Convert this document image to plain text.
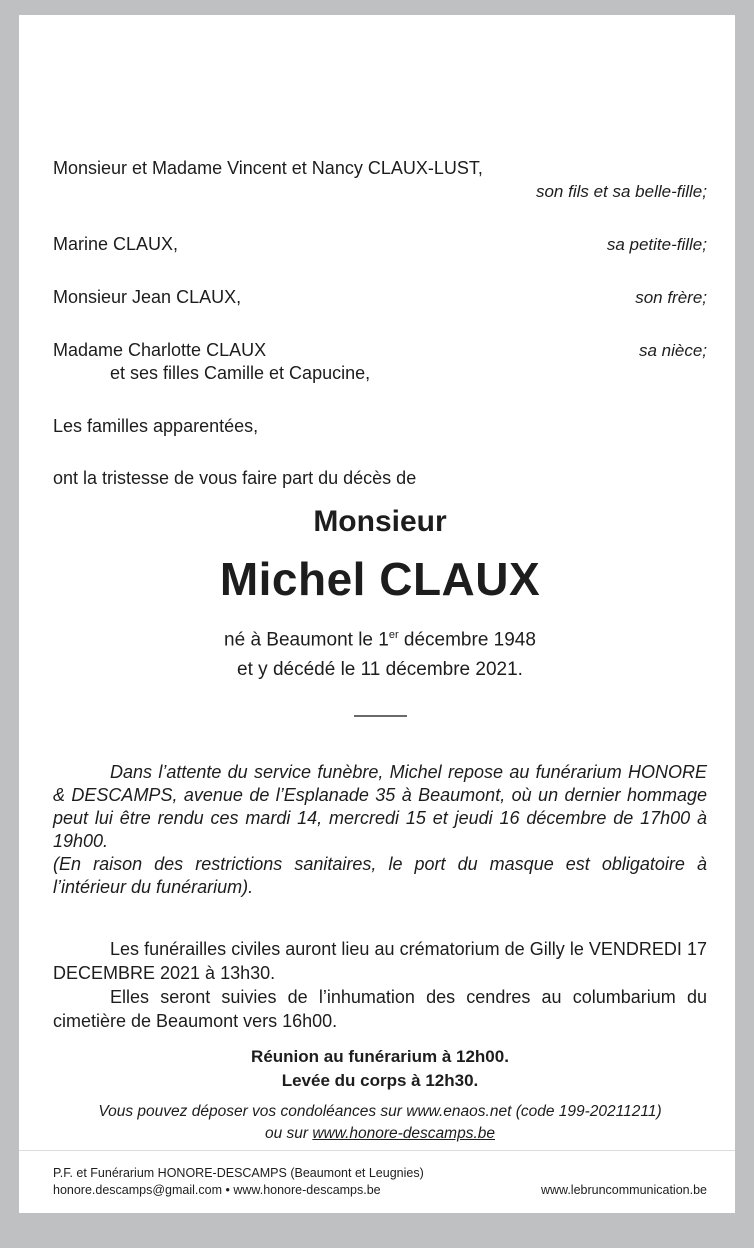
Monsieur et Madame Vincent et Nancy CLAUX-LUST,
son fils et sa belle-fille;
Marine CLAUX,	sa petite-fille;
Monsieur Jean CLAUX,	son frère;
Madame Charlotte CLAUX	sa nièce;
et ses filles Camille et Capucine,

Les familles apparentées,

ont la tristesse de vous faire part du décès de

Monsieur
Michel CLAUX

né à Beaumont le 1er décembre 1948

et y décédé le 11 décembre 2021.

Dans l’attente du service funèbre, Michel repose au funérarium HONORE & DESCAMPS, avenue de l’Esplanade 35 à Beaumont, où un dernier hommage peut lui être rendu ces mardi 14, mercredi 15 et jeudi 16 décembre de 17h00 à 19h00.

(En raison des restrictions sanitaires, le port du masque est obligatoire à l’intérieur du funérarium).

Les funérailles civiles auront lieu au crématorium de Gilly le VENDREDI 17 DECEMBRE 2021 à 13h30.

Elles seront suivies de l’inhumation des cendres au columbarium du cimetière de Beaumont vers 16h00.

Réunion au funérarium à 12h00.

Levée du corps à 12h30.

Vous pouvez déposer vos condoléances sur www.enaos.net (code 199-20211211)

ou sur www.honore-descamps.be

P.F. et Funérarium HONORE-DESCAMPS (Beaumont et Leugnies)
honore.descamps@gmail.com • www.honore-descamps.be	www.lebruncommunication.be
